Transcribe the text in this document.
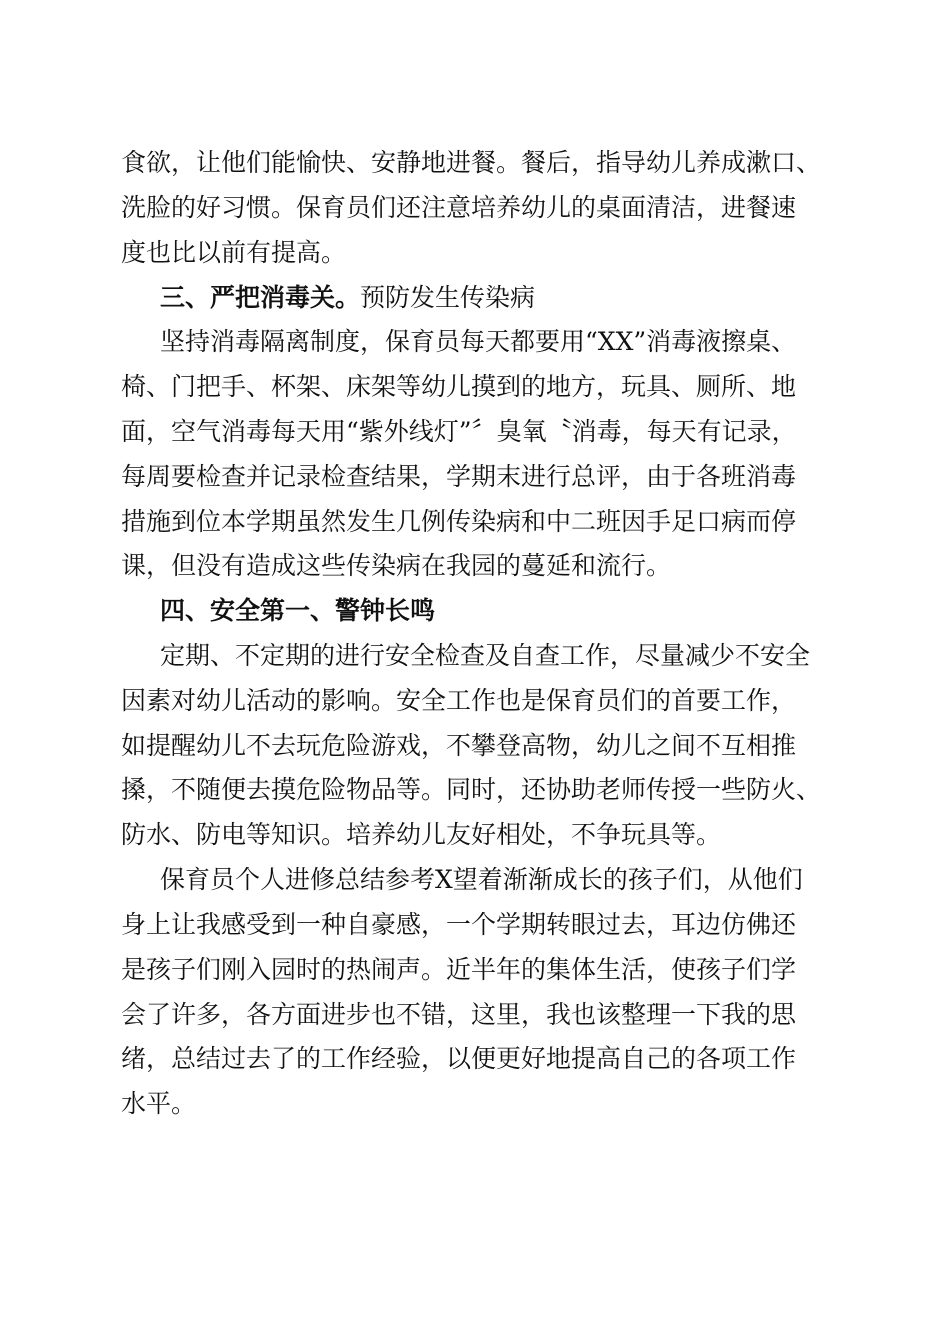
食欲，让他们能愉快、安静地进餐。餐后，指导幼儿养成漱口、
洗脸的好习惯。保育员们还注意培养幼儿的桌面清洁，进餐速
度也比以前有提高。
三、严把消毒关。预防发生传染病
坚持消毒隔离制度，保育员每天都要用“XX”消毒液擦桌、
椅、门把手、杯架、床架等幼儿摸到的地方，玩具、厕所、地
面，空气消毒每天用“紫外线灯”〞臭氧〝消毒，每天有记录，
每周要检查并记录检查结果，学期末进行总评，由于各班消毒
措施到位本学期虽然发生几例传染病和中二班因手足口病而停
课，但没有造成这些传染病在我园的蔓延和流行。
四、安全第一、警钟长鸣
定期、不定期的进行安全检查及自查工作，尽量减少不安全
因素对幼儿活动的影响。安全工作也是保育员们的首要工作，
如提醒幼儿不去玩危险游戏，不攀登高物，幼儿之间不互相推
搡，不随便去摸危险物品等。同时，还协助老师传授一些防火、
防水、防电等知识。培养幼儿友好相处，不争玩具等。
保育员个人进修总结参考X望着渐渐成长的孩子们，从他们
身上让我感受到一种自豪感，一个学期转眼过去，耳边仿佛还
是孩子们刚入园时的热闹声。近半年的集体生活，使孩子们学
会了许多，各方面进步也不错，这里，我也该整理一下我的思
绪，总结过去了的工作经验，以便更好地提高自己的各项工作
水平。
